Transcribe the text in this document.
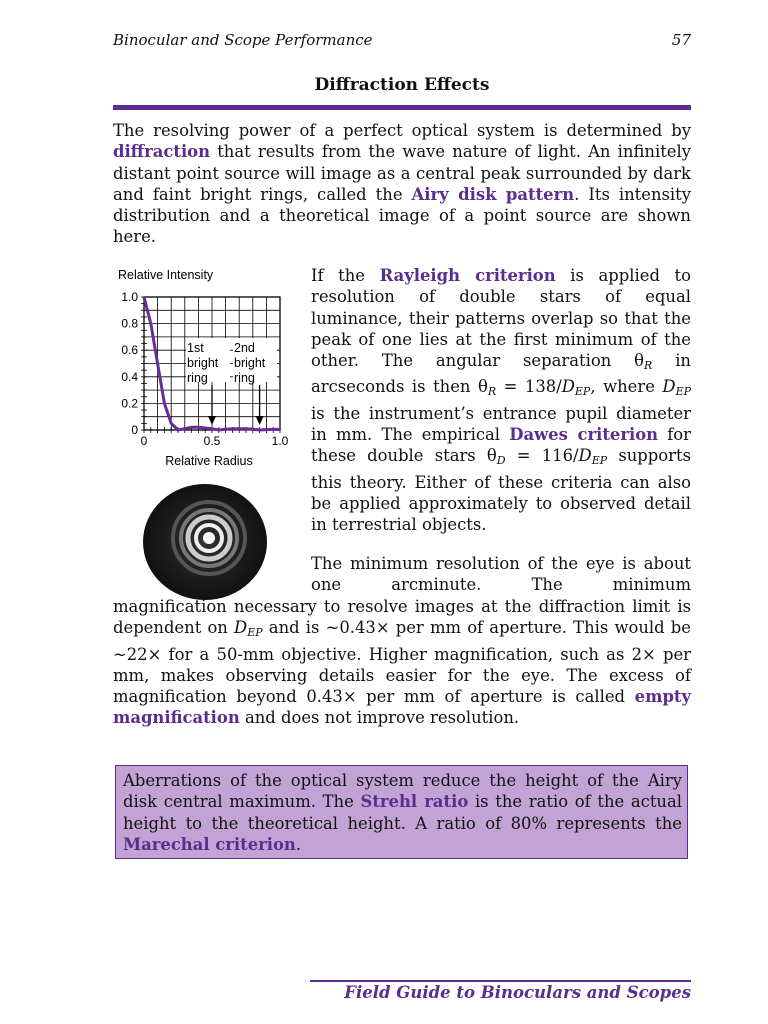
Binocular and Scope Performance	57
Diffraction Effects
The resolving power of a perfect optical system is determined by diffraction that results from the wave nature of light. An infinitely distant point source will image as a central peak surrounded by dark and faint bright rings, called the Airy disk pattern. Its intensity distribution and a theoretical image of a point source are shown here.
Relative Intensity
0
0.2
0.4
0.6
0.8
1.0
0	0.5	1.0
1st
bright
ring
2nd
bright
ring
Relative Radius
If the Rayleigh criterion is applied to resolution of double stars of equal luminance, their patterns overlap so that the peak of one lies at the first minimum of the other. The angular separation $\theta_R$ in arcseconds is then $\theta_R = 138/D_{EP}$, where $D_{EP}$ is the instrument’s entrance pupil diameter in mm. The empirical Dawes criterion for these double stars $\theta_D = 116/D_{EP}$ supports this theory. Either of these criteria can also be applied approximately to observed detail in terrestrial objects.
The minimum resolution of the eye is about one arcminute. The minimum
magnification necessary to resolve images at the diffraction limit is dependent on $D_{EP}$ and is ~0.43× per mm of aperture. This would be ~22× for a 50-mm objective. Higher magnification, such as 2× per mm, makes observing details easier for the eye. The excess of magnification beyond 0.43× per mm of aperture is called empty magnification and does not improve resolution.
Aberrations of the optical system reduce the height of the Airy disk central maximum. The Strehl ratio is the ratio of the actual height to the theoretical height. A ratio of 80% represents the Marechal criterion.
Field Guide to Binoculars and Scopes
